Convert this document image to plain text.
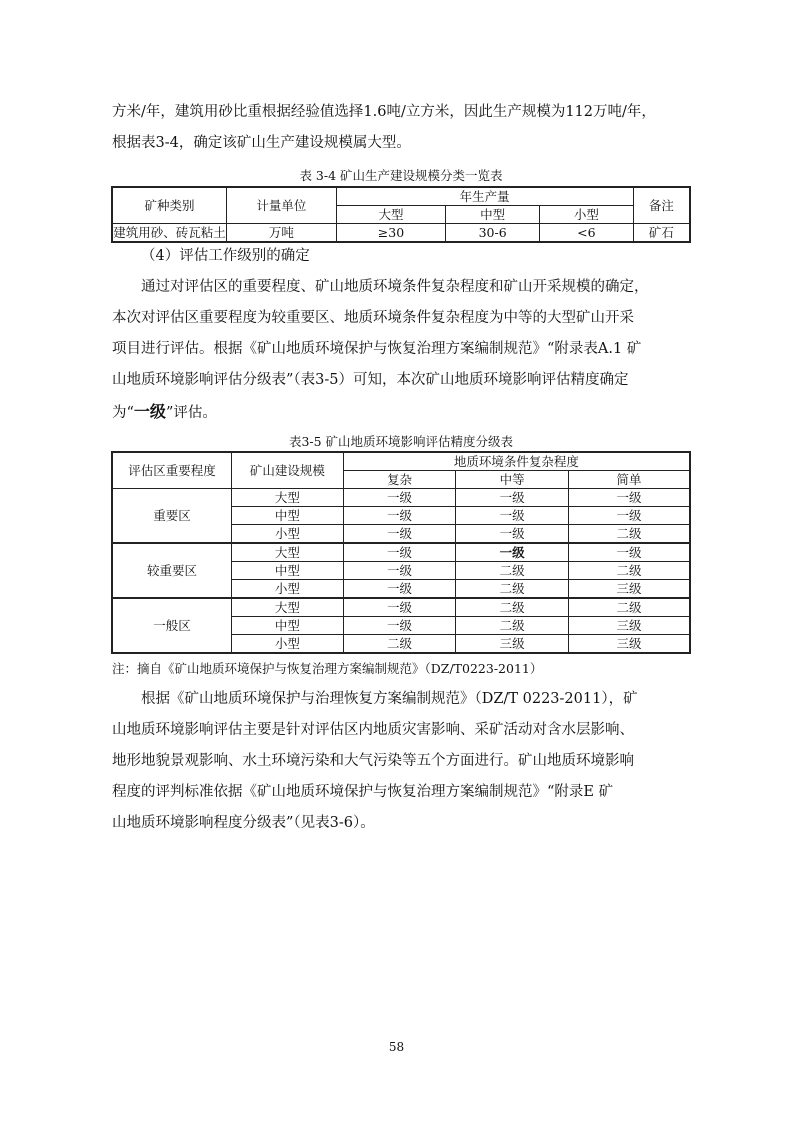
方米/年，建筑用砂比重根据经验值选择1.6吨/立方米，因此生产规模为112万吨/年，
根据表3-4，确定该矿山生产建设规模属大型。
表 3-4 矿山生产建设规模分类一览表
矿种类别	计量单位	年生产量			备注
		大型	中型	小型	
建筑用砂、砖瓦粘土	万吨	≥30	30-6	<6	矿石
（4）评估工作级别的确定
通过对评估区的重要程度、矿山地质环境条件复杂程度和矿山开采规模的确定，
本次对评估区重要程度为较重要区、地质环境条件复杂程度为中等的大型矿山开采
项目进行评估。根据《矿山地质环境保护与恢复治理方案编制规范》“附录表A.1 矿
山地质环境影响评估分级表”（表3-5）可知，本次矿山地质环境影响评估精度确定
为“一级”评估。
表3-5 矿山地质环境影响评估精度分级表
评估区重要程度	矿山建设规模	地质环境条件复杂程度		
		复杂	中等	简单
重要区	大型	一级	一级	一级
	中型	一级	一级	一级
	小型	一级	一级	二级
较重要区	大型	一级	一级	一级
	中型	一级	二级	二级
	小型	一级	二级	三级
一般区	大型	一级	二级	二级
	中型	一级	二级	三级
	小型	二级	三级	三级
注：摘自《矿山地质环境保护与恢复治理方案编制规范》（DZ/T0223-2011）
根据《矿山地质环境保护与治理恢复方案编制规范》（DZ/T 0223-2011），矿
山地质环境影响评估主要是针对评估区内地质灾害影响、采矿活动对含水层影响、
地形地貌景观影响、水土环境污染和大气污染等五个方面进行。矿山地质环境影响
程度的评判标准依据《矿山地质环境保护与恢复治理方案编制规范》“附录E 矿
山地质环境影响程度分级表”（见表3-6）。
58
